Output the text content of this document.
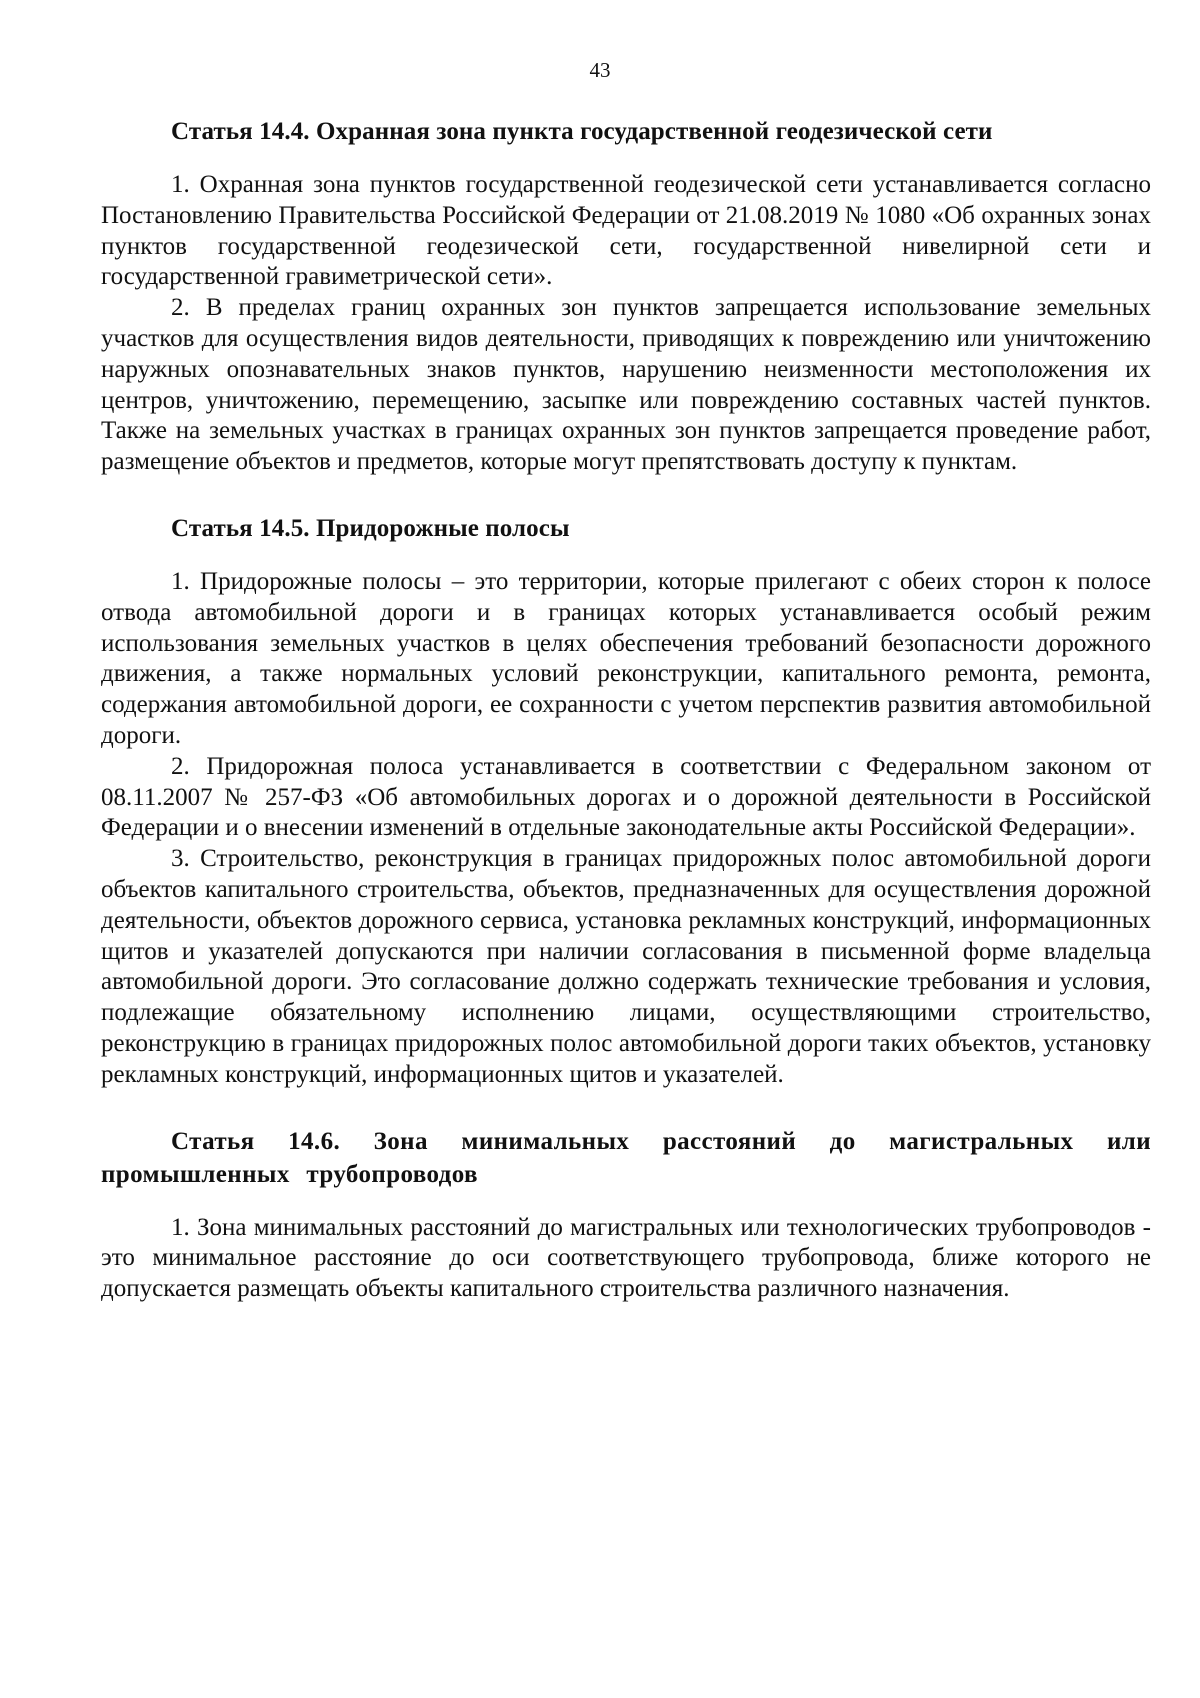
43
Статья 14.4. Охранная зона пункта государственной геодезической сети

1. Охранная зона пунктов государственной геодезической сети устанавливается согласно Постановлению Правительства Российской Федерации от 21.08.2019 № 1080 «Об охранных зонах пунктов государственной геодезической сети, государственной нивелирной сети и государственной гравиметрической сети».

2. В пределах границ охранных зон пунктов запрещается использование земельных участков для осуществления видов деятельности, приводящих к повреждению или уничтожению наружных опознавательных знаков пунктов, нарушению неизменности местоположения их центров, уничтожению, перемещению, засыпке или повреждению составных частей пунктов. Также на земельных участках в границах охранных зон пунктов запрещается проведение работ, размещение объектов и предметов, которые могут препятствовать доступу к пунктам.

Статья 14.5. Придорожные полосы

1. Придорожные полосы – это территории, которые прилегают с обеих сторон к полосе отвода автомобильной дороги и в границах которых устанавливается особый режим использования земельных участков в целях обеспечения требований безопасности дорожного движения, а также нормальных условий реконструкции, капитального ремонта, ремонта, содержания автомобильной дороги, ее сохранности с учетом перспектив развития автомобильной дороги.

2. Придорожная полоса устанавливается в соответствии с Федеральном законом от 08.11.2007 № 257-ФЗ «Об автомобильных дорогах и о дорожной деятельности в Российской Федерации и о внесении изменений в отдельные законодательные акты Российской Федерации».

3. Строительство, реконструкция в границах придорожных полос автомобильной дороги объектов капитального строительства, объектов, предназначенных для осуществления дорожной деятельности, объектов дорожного сервиса, установка рекламных конструкций, информационных щитов и указателей допускаются при наличии согласования в письменной форме владельца автомобильной дороги. Это согласование должно содержать технические требования и условия, подлежащие обязательному исполнению лицами, осуществляющими строительство, реконструкцию в границах придорожных полос автомобильной дороги таких объектов, установку рекламных конструкций, информационных щитов и указателей.

Статья 14.6. Зона минимальных расстояний до магистральных или промышленных трубопроводов

1. Зона минимальных расстояний до магистральных или технологических трубопроводов - это минимальное расстояние до оси соответствующего трубопровода, ближе которого не допускается размещать объекты капитального строительства различного назначения.
